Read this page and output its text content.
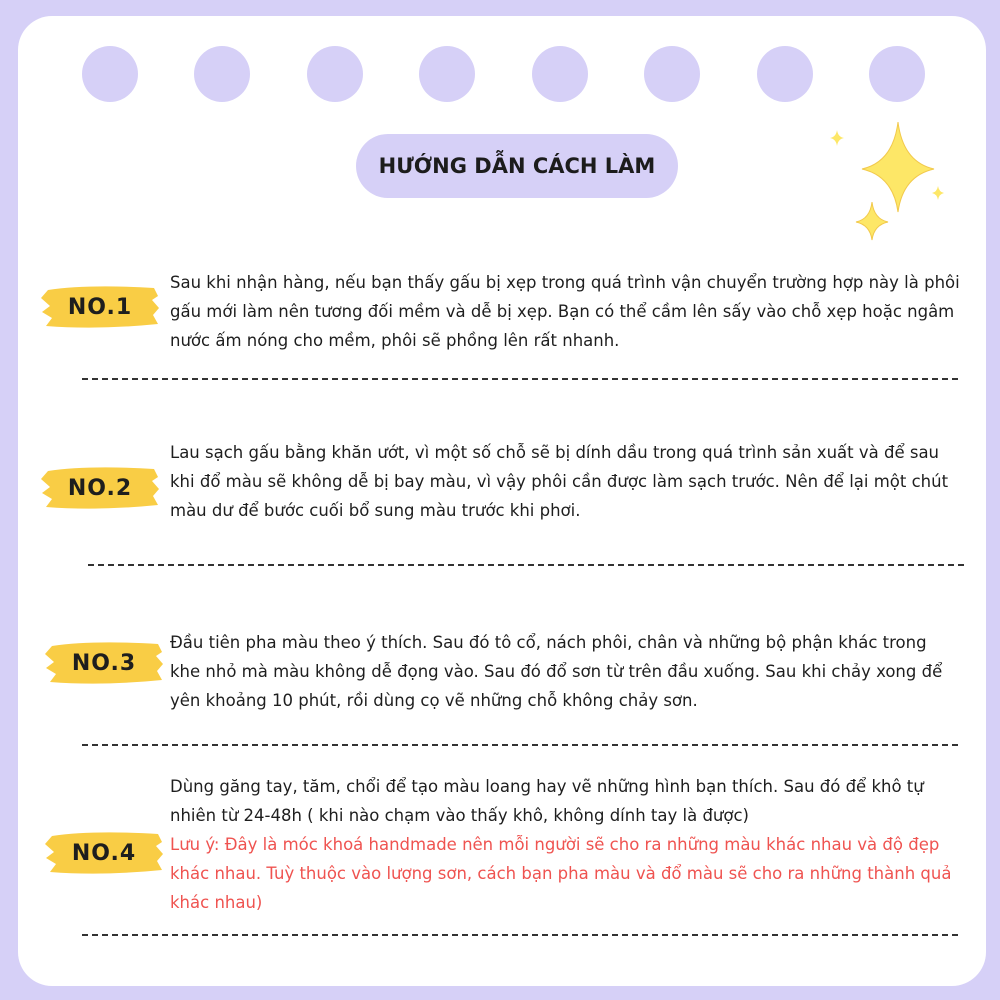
HƯỚNG DẪN CÁCH LÀM
NO.1

Sau khi nhận hàng, nếu bạn thấy gấu bị xẹp trong quá trình vận chuyển trường hợp này là phôi gấu mới làm nên tương đối mềm và dễ bị xẹp. Bạn có thể cầm lên sấy vào chỗ xẹp hoặc ngâm nước ấm nóng cho mềm, phôi sẽ phồng lên rất nhanh.

NO.2

Lau sạch gấu bằng khăn ướt, vì một số chỗ sẽ bị dính dầu trong quá trình sản xuất và để sau khi đổ màu sẽ không dễ bị bay màu, vì vậy phôi cần được làm sạch trước. Nên để lại một chút màu dư để bước cuối bổ sung màu trước khi phơi.

NO.3

Đầu tiên pha màu theo ý thích. Sau đó tô cổ, nách phôi, chân và những bộ phận khác trong khe nhỏ mà màu không dễ đọng vào. Sau đó đổ sơn từ trên đầu xuống. Sau khi chảy xong để yên khoảng 10 phút, rồi dùng cọ vẽ những chỗ không chảy sơn.

NO.4

Dùng găng tay, tăm, chổi để tạo màu loang hay vẽ những hình bạn thích. Sau đó để khô tự nhiên từ 24-48h ( khi nào chạm vào thấy khô, không dính tay là được)

Lưu ý: Đây là móc khoá handmade nên mỗi người sẽ cho ra những màu khác nhau và độ đẹp khác nhau. Tuỳ thuộc vào lượng sơn, cách bạn pha màu và đổ màu sẽ cho ra những thành quả khác nhau)
